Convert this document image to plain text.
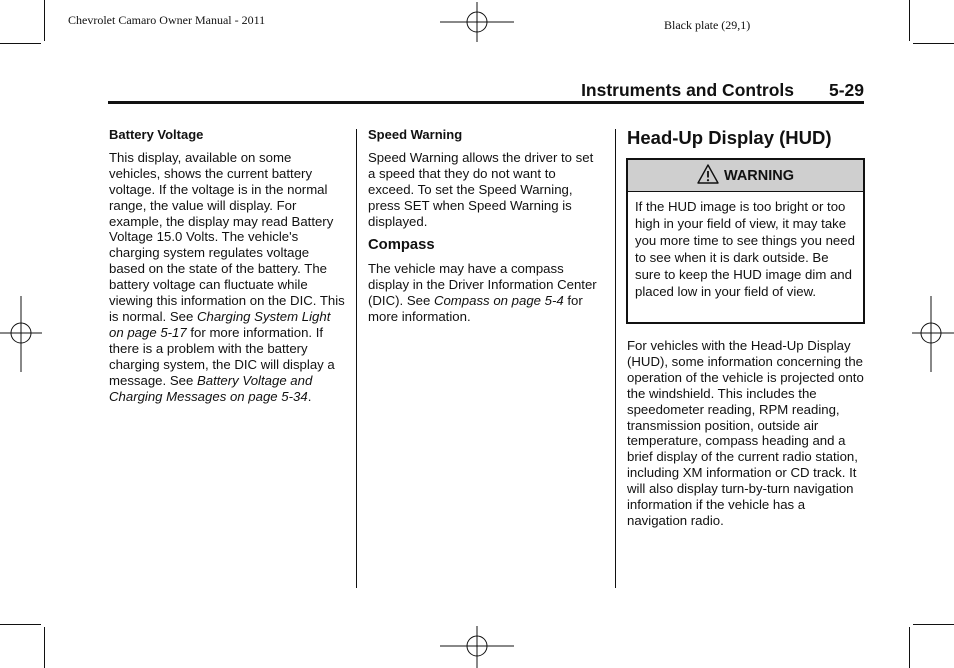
Chevrolet Camaro Owner Manual - 2011	Black plate (29,1)
Instruments and Controls 5-29
Battery Voltage

This display, available on some vehicles, shows the current battery voltage. If the voltage is in the normal range, the value will display. For example, the display may read Battery Voltage 15.0 Volts. The vehicle's charging system regulates voltage based on the state of the battery. The battery voltage can fluctuate while viewing this information on the DIC. This is normal. See Charging System Light on page 5-17 for more information. If there is a problem with the battery charging system, the DIC will display a message. See Battery Voltage and Charging Messages on page 5-34.

Speed Warning

Speed Warning allows the driver to set a speed that they do not want to exceed. To set the Speed Warning, press SET when Speed Warning is displayed.

Compass

The vehicle may have a compass display in the Driver Information Center (DIC). See Compass on page 5-4 for more information.

Head-Up Display (HUD)
WARNING
If the HUD image is too bright or too high in your field of view, it may take you more time to see things you need to see when it is dark outside. Be sure to keep the HUD image dim and placed low in your field of view.
For vehicles with the Head-Up Display (HUD), some information concerning the operation of the vehicle is projected onto the windshield. This includes the speedometer reading, RPM reading, transmission position, outside air temperature, compass heading and a brief display of the current radio station, including XM information or CD track. It will also display turn-by-turn navigation information if the vehicle has a navigation radio.
